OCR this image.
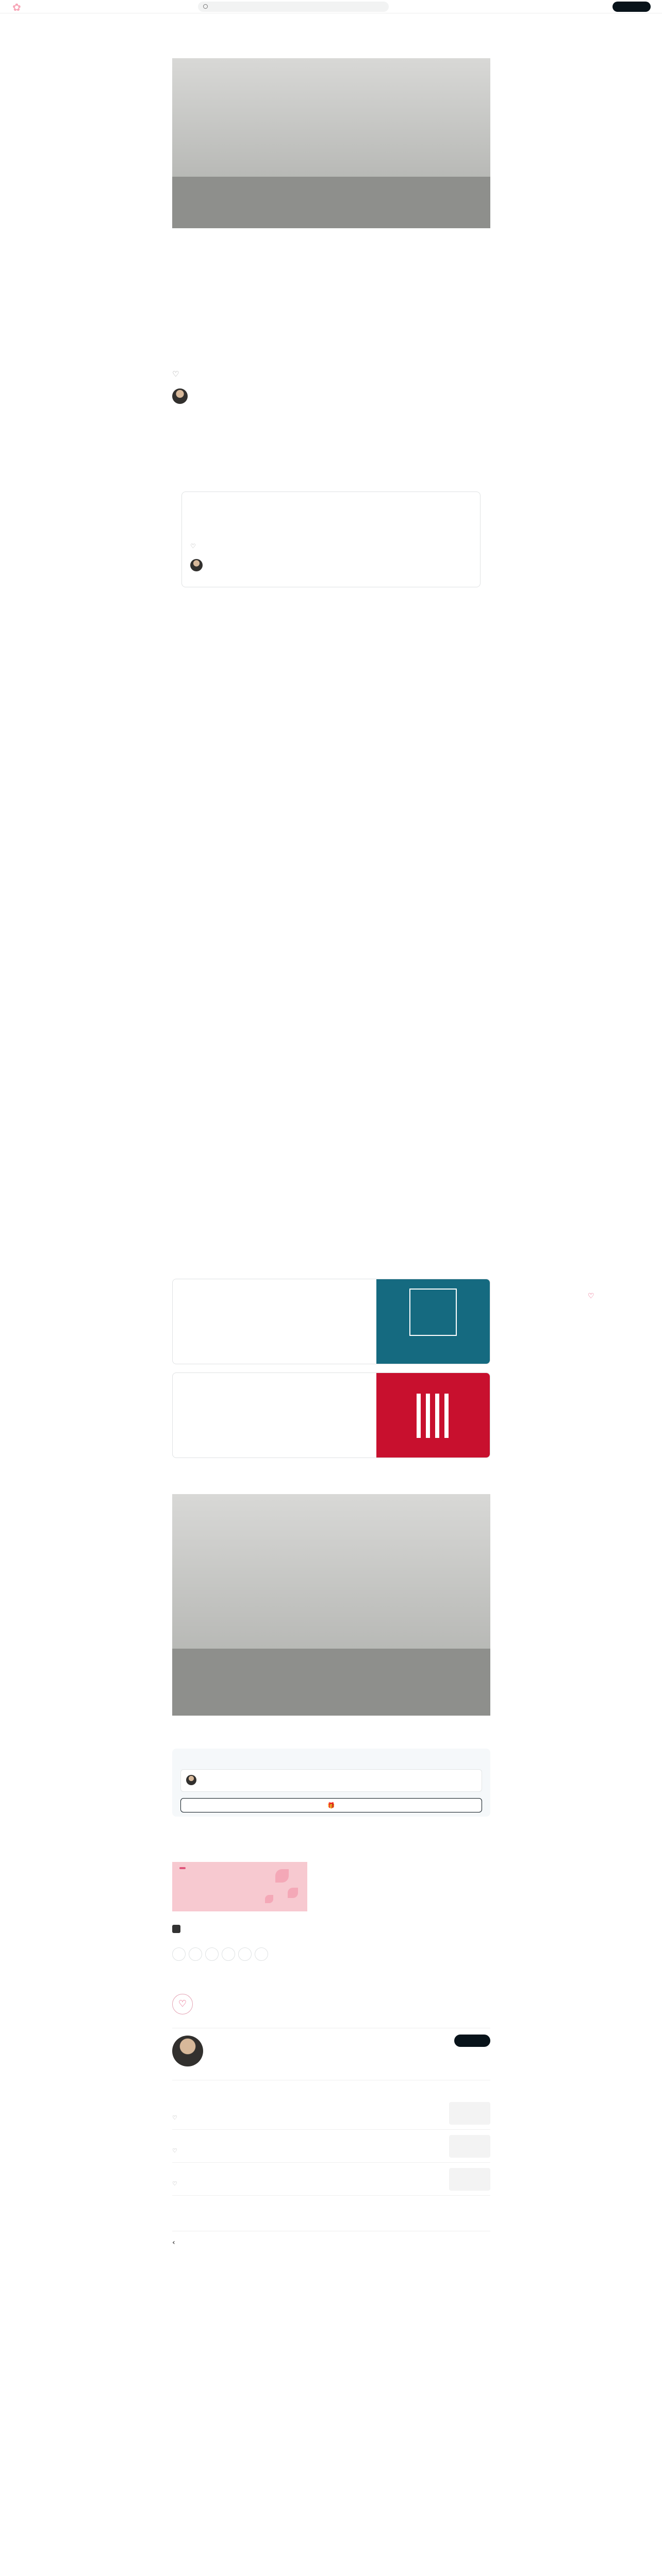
✿
♡

♡

♡
🎁
♡
♡
♡
♡
‹
